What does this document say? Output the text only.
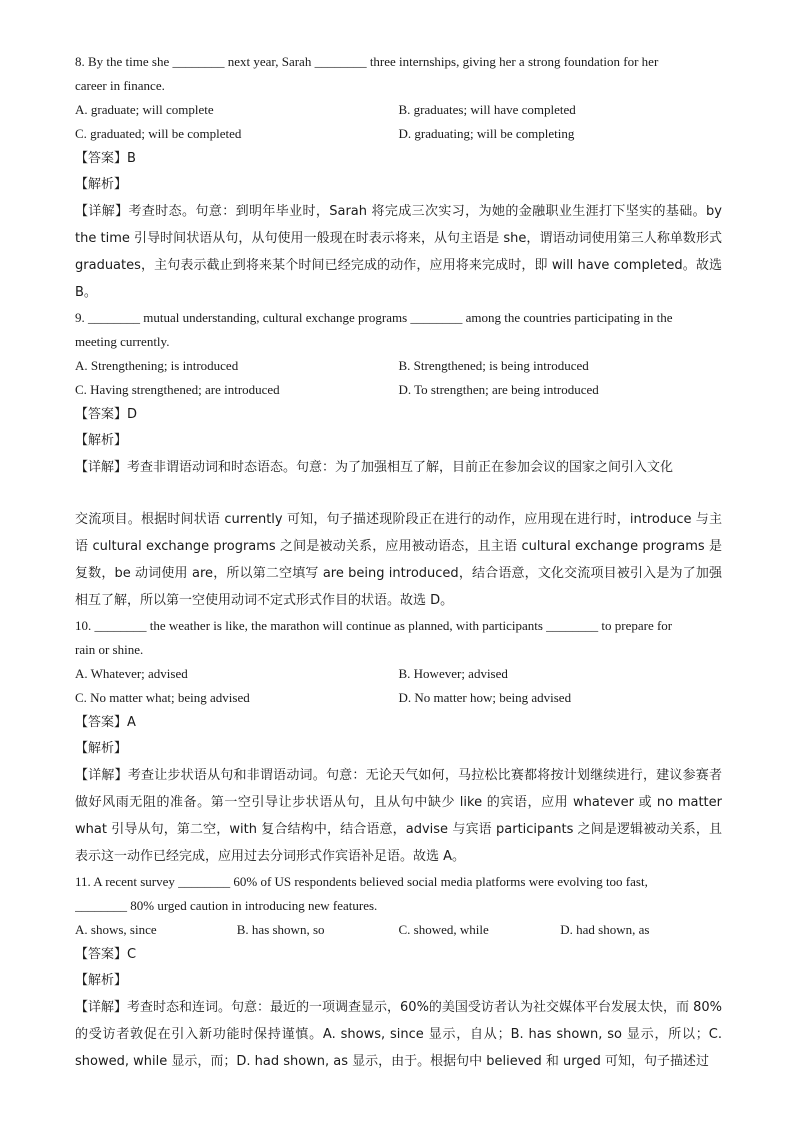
8. By the time she ________ next year, Sarah ________ three internships, giving her a strong foundation for her
career in finance.
A. graduate; will complete	B. graduates; will have completed
C. graduated; will be completed	D. graduating; will be completing
【答案】B
【解析】
【详解】考查时态。句意：到明年毕业时，Sarah 将完成三次实习，为她的金融职业生涯打下坚实的基础。by the time 引导时间状语从句，从句使用一般现在时表示将来，从句主语是 she，谓语动词使用第三人称单数形式 graduates，主句表示截止到将来某个时间已经完成的动作，应用将来完成时，即 will have completed。故选 B。
9. ________ mutual understanding, cultural exchange programs ________ among the countries participating in the
meeting currently.
A. Strengthening; is introduced	B. Strengthened; is being introduced
C. Having strengthened; are introduced	D. To strengthen; are being introduced
【答案】D
【解析】
【详解】考查非谓语动词和时态语态。句意：为了加强相互了解，目前正在参加会议的国家之间引入文化
交流项目。根据时间状语 currently 可知，句子描述现阶段正在进行的动作，应用现在进行时，introduce 与主语 cultural exchange programs 之间是被动关系，应用被动语态，且主语 cultural exchange programs 是复数，be 动词使用 are，所以第二空填写 are being introduced，结合语意，文化交流项目被引入是为了加强相互了解，所以第一空使用动词不定式形式作目的状语。故选 D。
10. ________ the weather is like, the marathon will continue as planned, with participants ________ to prepare for
rain or shine.
A. Whatever; advised	B. However; advised
C. No matter what; being advised	D. No matter how; being advised
【答案】A
【解析】
【详解】考查让步状语从句和非谓语动词。句意：无论天气如何，马拉松比赛都将按计划继续进行，建议参赛者做好风雨无阻的准备。第一空引导让步状语从句，且从句中缺少 like 的宾语，应用 whatever 或 no matter what 引导从句，第二空，with 复合结构中，结合语意，advise 与宾语 participants 之间是逻辑被动关系，且表示这一动作已经完成，应用过去分词形式作宾语补足语。故选 A。
11. A recent survey ________ 60% of US respondents believed social media platforms were evolving too fast,
________ 80% urged caution in introducing new features.
A. shows, since	B. has shown, so	C. showed, while	D. had shown, as
【答案】C
【解析】
【详解】考查时态和连词。句意：最近的一项调查显示，60%的美国受访者认为社交媒体平台发展太快，而 80%的受访者敦促在引入新功能时保持谨慎。A. shows, since 显示，自从；B. has shown, so 显示，所以；C. showed, while 显示，而；D. had shown, as 显示，由于。根据句中 believed 和 urged 可知，句子描述过
